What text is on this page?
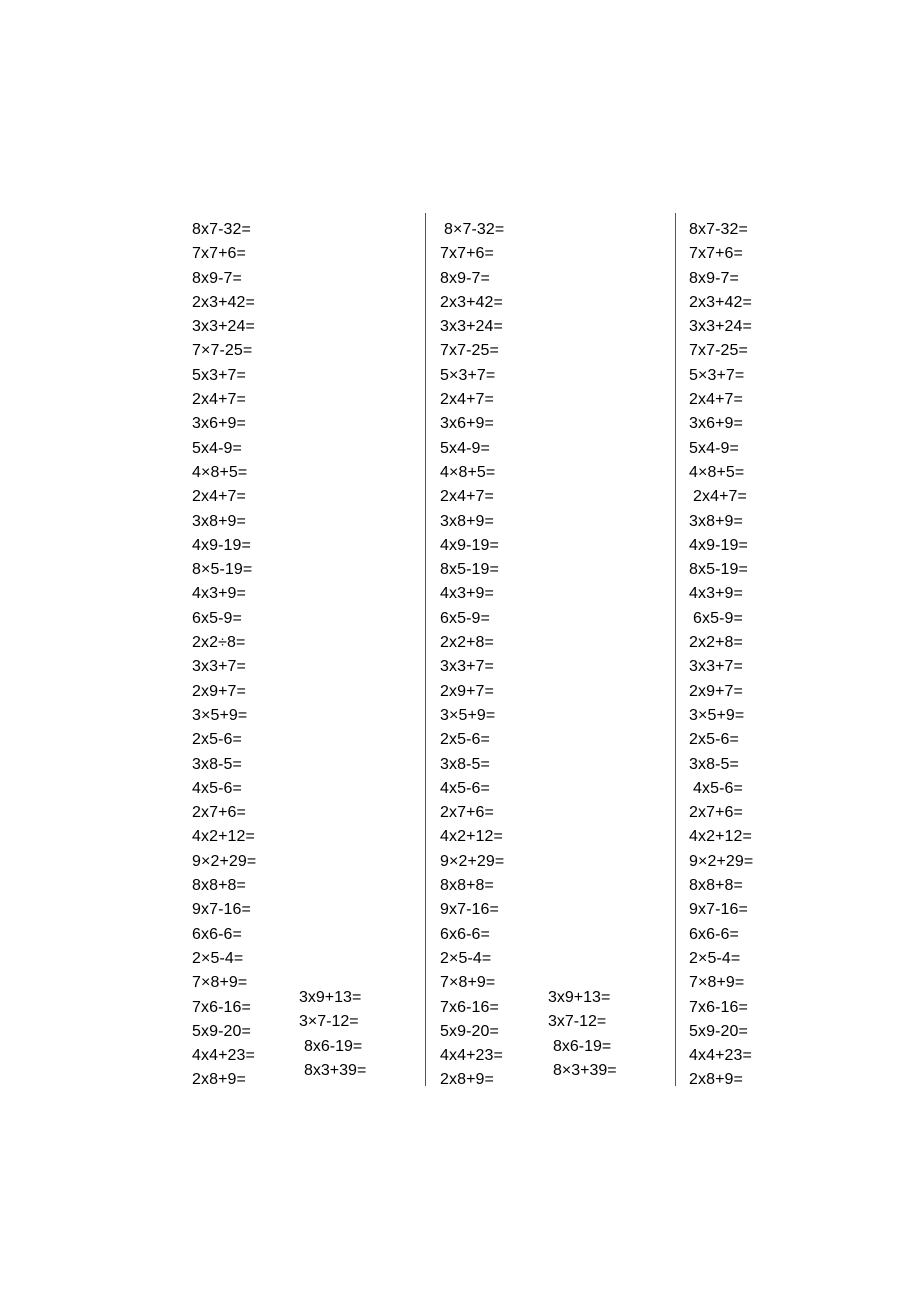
8x7-32=
7x7+6=
8x9-7=
2x3+42=
3x3+24=
7×7-25=
5x3+7=
2x4+7=
3x6+9=
5x4-9=
4×8+5=
2x4+7=
3x8+9=
4x9-19=
8×5-19=
4x3+9=
6x5-9=
2x2÷8=
3x3+7=
2x9+7=
3×5+9=
2x5-6=
3x8-5=
4x5-6=
2x7+6=
4x2+12=
9×2+29=
8x8+8=
9x7-16=
6x6-6=
2×5-4=
7×8+9=
7x6-16=
5x9-20=
4x4+23=
2x8+9=
3x9+13=
3×7-12=
8x6-19=
8x3+39=
8×7-32=
7x7+6=
8x9-7=
2x3+42=
3x3+24=
7x7-25=
5×3+7=
2x4+7=
3x6+9=
5x4-9=
4×8+5=
2x4+7=
3x8+9=
4x9-19=
8x5-19=
4x3+9=
6x5-9=
2x2+8=
3x3+7=
2x9+7=
3×5+9=
2x5-6=
3x8-5=
4x5-6=
2x7+6=
4x2+12=
9×2+29=
8x8+8=
9x7-16=
6x6-6=
2×5-4=
7×8+9=
7x6-16=
5x9-20=
4x4+23=
2x8+9=
3x9+13=
3x7-12=
8x6-19=
8×3+39=
8x7-32=
7x7+6=
8x9-7=
2x3+42=
3x3+24=
7x7-25=
5×3+7=
2x4+7=
3x6+9=
5x4-9=
4×8+5=
2x4+7=
3x8+9=
4x9-19=
8x5-19=
4x3+9=
6x5-9=
2x2+8=
3x3+7=
2x9+7=
3×5+9=
2x5-6=
3x8-5=
4x5-6=
2x7+6=
4x2+12=
9×2+29=
8x8+8=
9x7-16=
6x6-6=
2×5-4=
7×8+9=
7x6-16=
5x9-20=
4x4+23=
2x8+9=
